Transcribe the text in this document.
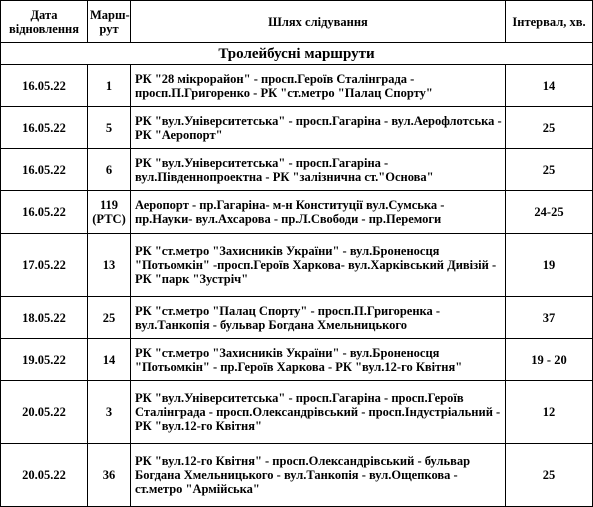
Дата відновлення	Марш-рут	Шлях слідування	Інтервал, хв.
Тролейбусні маршрути			
16.05.22	1	РК "28 мікрорайон" - просп.Героїв Сталінграда - просп.П.Григоренко - РК "ст.метро "Палац Спорту"	14
16.05.22	5	РК "вул.Університетська" - просп.Гагаріна - вул.Аерофлотська - РК "Аеропорт"	25
16.05.22	6	РК "вул.Університетська" - просп.Гагаріна - вул.Південнопроектна - РК "залізнична ст."Основа"	25
16.05.22	119 (РТС)	Аеропорт - пр.Гагаріна- м-н Конституції вул.Сумська - пр.Науки- вул.Ахсарова - пр.Л.Свободи - пр.Перемоги	24-25
17.05.22	13	РК "ст.метро "Захисників України" - вул.Броненосця "Потьомкін" -просп.Героїв Харкова- вул.Харківський Дивізій - РК "парк "Зустріч"	19
18.05.22	25	РК "ст.метро "Палац Спорту" - просп.П.Григоренка - вул.Танкопія - бульвар Богдана Хмельницького	37
19.05.22	14	РК "ст.метро "Захисників України" - вул.Броненосця "Потьомкін" - пр.Героїв Харкова - РК "вул.12-го Квітня"	19 - 20
20.05.22	3	РК "вул.Університетська" - просп.Гагаріна - просп.Героїв Сталінграда - просп.Олександрівський - просп.Індустріальний - РК "вул.12-го Квітня"	12
20.05.22	36	РК "вул.12-го Квітня" - просп.Олександрівський - бульвар Богдана Хмельницького - вул.Танкопія - вул.Ощепкова - ст.метро "Армійська"	25
